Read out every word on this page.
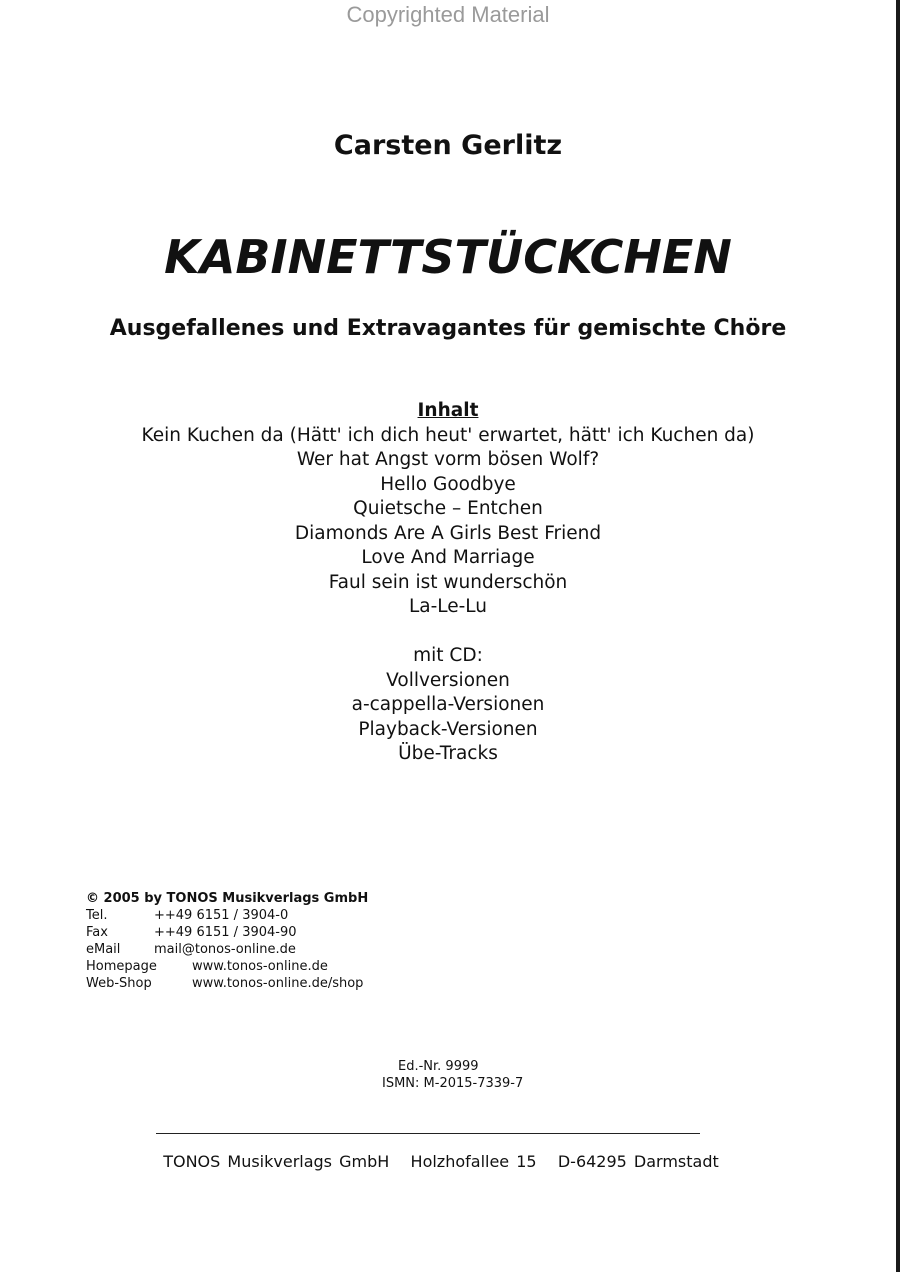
Copyrighted Material
Carsten Gerlitz
KABINETTSTÜCKCHEN
Ausgefallenes und Extravagantes für gemischte Chöre
Inhalt
Kein Kuchen da (Hätt' ich dich heut' erwartet, hätt' ich Kuchen da)
Wer hat Angst vorm bösen Wolf?
Hello Goodbye
Quietsche – Entchen
Diamonds Are A Girls Best Friend
Love And Marriage
Faul sein ist wunderschön
La-Le-Lu
mit CD:
Vollversionen
a-cappella-Versionen
Playback-Versionen
Übe-Tracks
© 2005 by TONOS Musikverlags GmbH
Tel.	++49 6151 / 3904-0
Fax	++49 6151 / 3904-90
eMail	mail@tonos-online.de
Homepage	www.tonos-online.de
Web-Shop	www.tonos-online.de/shop
Ed.-Nr. 9999
ISMN: M-2015-7339-7
TONOS Musikverlags GmbH   Holzhofallee 15   D-64295 Darmstadt
